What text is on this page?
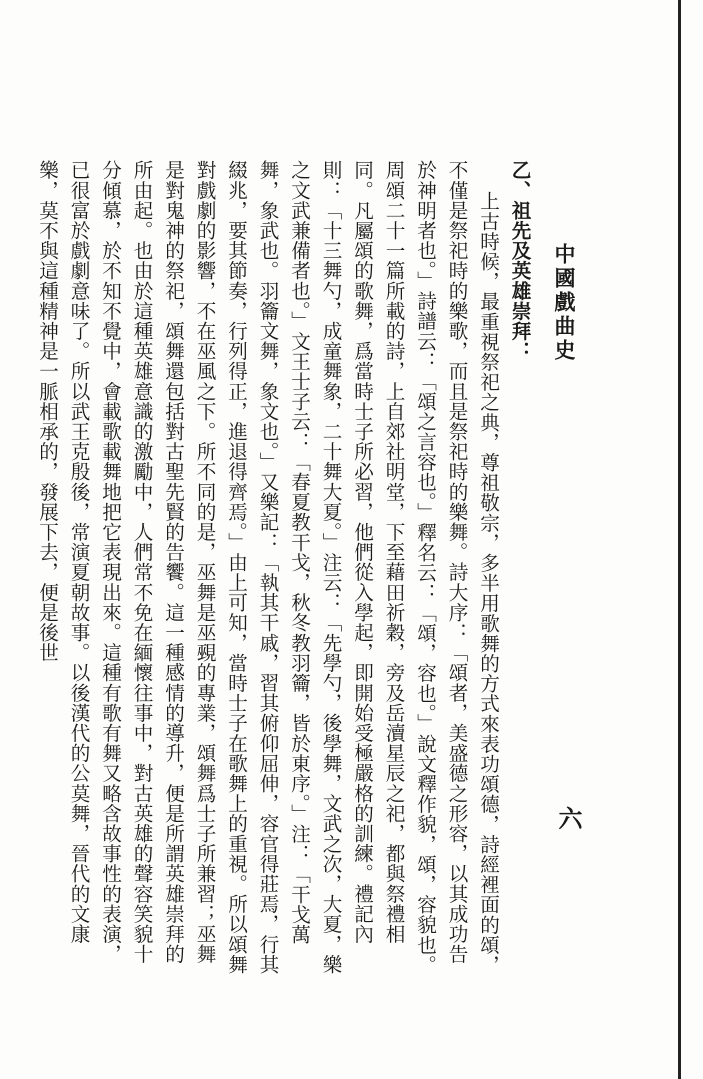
中國戲曲史
六
乙、祖先及英雄崇拜：
上古時候，最重視祭祀之典，尊祖敬宗，多半用歌舞的方式來表功頌德，詩經裡面的頌，不僅是祭祀時的樂歌，而且是祭祀時的樂舞。詩大序：「頌者，美盛德之形容，以其成功告於神明者也。」詩譜云：「頌之言容也。」釋名云：「頌，容也。」說文釋作貌，頌，容貌也。周頌二十一篇所載的詩，上自郊社明堂，下至藉田祈穀，旁及岳瀆星辰之祀，都與祭禮相同。凡屬頌的歌舞，爲當時士子所必習，他們從入學起，即開始受極嚴格的訓練。禮記內則：「十三舞勺，成童舞象，二十舞大夏。」注云：「先學勺，後學舞，文武之次，大夏，樂之文武兼備者也。」文王士子云：「春夏教干戈，秋冬教羽籥，皆於東序。」注：「干戈萬舞，象武也。羽籥文舞，象文也。」又樂記：「執其干戚，習其俯仰屈伸，容官得莊焉，行其綴兆，要其節奏，行列得正，進退得齊焉。」由上可知，當時士子在歌舞上的重視。所以頌舞對戲劇的影響，不在巫風之下。所不同的是，巫舞是巫覡的專業，頌舞爲士子所兼習；巫舞是對鬼神的祭祀，頌舞還包括對古聖先賢的告饗。這一種感情的導升，便是所謂英雄崇拜的所由起。也由於這種英雄意識的激勵中，人們常不免在緬懷往事中，對古英雄的聲容笑貌十分傾慕，於不知不覺中，會載歌載舞地把它表現出來。這種有歌有舞又略含故事性的表演，已很富於戲劇意味了。所以武王克殷後，常演夏朝故事。以後漢代的公莫舞，晉代的文康樂，莫不與這種精神是一脈相承的，發展下去，便是後世
